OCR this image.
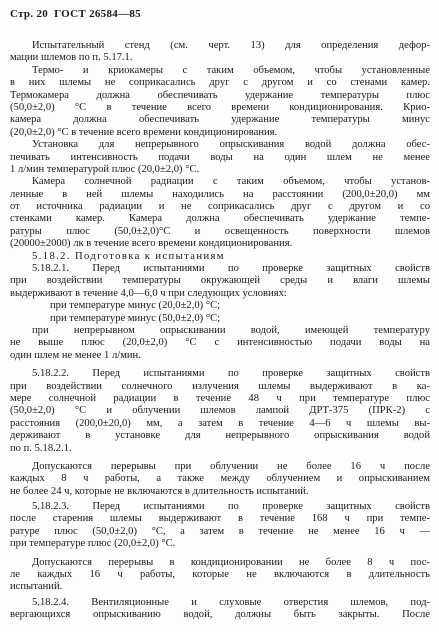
Стр. 20 ГОСТ 26584—85
Испытательный стенд (см. черт. 13) для определения дефор-
мации шлемов по п. 5.17.1.
Термо- и криокамеры с таким объемом, чтобы установленные
в них шлемы не соприкасались друг с другом и со стенами камер.
Термокамера должна обеспечивать удержание температуры плюс
(50,0±2,0) °С в течение всего времени кондиционирования. Крио-
камера должна обеспечивать удержание температуры минус
(20,0±2,0) °С в течение всего времени кондиционирования.
Установка для непрерывного опрыскивания водой должна обес-
печивать интенсивность подачи воды на один шлем не менее
1 л/мин температурой плюс (20,0±2,0) °С.
Камера солнечной радиации с таким объемом, чтобы установ-
ленные в ней шлемы находились на расстоянии (200,0±20,0) мм
от источника радиации и не соприкасались друг с другом и со
стенками камер. Камера должна обеспечивать удержание темпе-
ратуры плюс (50,0±2,0)°С и освещенность поверхности шлемов
(20000±2000) лк в течение всего времени кондиционирования.
5.18.2. Подготовка к испытаниям
5.18.2.1. Перед испытаниями по проверке защитных свойств
при воздействии температуры окружающей среды и влаги шлемы
выдерживают в течение 4,0—6,0 ч при следующих условиях:
при температуре минус (20,0±2,0) °С;
при температуре минус (50,0±2,0) °С;
при непрерывном опрыскивании водой, имеющей температуру
не выше плюс (20,0±2,0) °С с интенсивностью подачи воды на
один шлем не менее 1 л/мин.
5.18.2.2. Перед испытаниями по проверке защитных свойств
при воздействии солнечного излучения шлемы выдерживают в ка-
мере солнечной радиации в течение 48 ч при температуре плюс
(50,0±2,0) °С и облучении шлемов лампой ДРТ-375 (ПРК-2) с
расстояния (200,0±20,0) мм, а затем в течение 4—6 ч шлемы вы-
держивают в установке для непрерывного опрыскивания водой
по п. 5.18.2.1.
Допускаются перерывы при облучении не более 16 ч после
каждых 8 ч работы, а также между облучением и опрыскиванием
не более 24 ч, которые не включаются в длительность испытаний.
5.18.2.3. Перед испытаниями по проверке защитных свойств
после старения шлемы выдерживают в течение 168 ч при темпе-
ратуре плюс (50,0±2,0) °С, а затем в течение не менее 16 ч —
при температуре плюс (20,0±2,0) °С.
Допускаются перерывы в кондиционировании не более 8 ч пос-
ле каждых 16 ч работы, которые не включаются в длительность
испытаний.
5.18.2.4. Вентиляционные и слуховые отверстия шлемов, под-
вергающихся опрыскиванию водой, должны быть закрыты. После
